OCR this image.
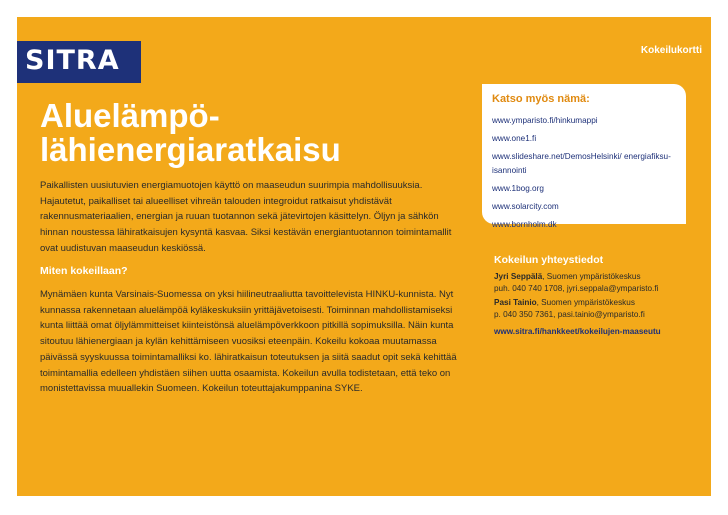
SITRA	Kokeilukortti
Aluelämpö-
lähienergiaratkaisu
Paikallisten uusiutuvien energiamuotojen käyttö on maaseudun suurimpia mahdollisuuksia. Hajautetut, paikalliset tai alueelliset vihreän talouden integroidut ratkaisut yhdistävät rakennusmateriaalien, energian ja ruuan tuotannon sekä jätevirtojen käsittelyn. Öljyn ja sähkön hinnan noustessa lähiratkaisujen kysyntä kasvaa. Siksi kestävän energiantuotannon toimintamallit ovat uudistuvan maaseudun keskiössä.
Miten kokeillaan?
Mynämäen kunta Varsinais-Suomessa on yksi hiilineutraaliutta tavoittelevista HINKU-kunnista. Nyt kunnassa rakennetaan aluelämpöä kyläkeskuksiin yrittäjävetoisesti. Toiminnan mahdollistamiseksi kunta liittää omat öljylämmitteiset kiinteistönsä aluelämpöverkkoon pitkillä sopimuksilla. Näin kunta sitoutuu lähienergiaan ja kylän kehittämiseen vuosiksi eteenpäin. Kokeilu kokoaa muutamassa päivässä syyskuussa toimintamalliksi ko. lähiratkaisun toteutuksen ja siitä saadut opit sekä kehittää toimintamallia edelleen yhdistäen siihen uutta osaamista. Kokeilun avulla todistetaan, että teko on monistettavissa muuallekin Suomeen. Kokeilun toteuttajakumppanina SYKE.
Katso myös nämä:
www.ymparisto.fi/hinkumappi
www.one1.fi
www.slideshare.net/DemosHelsinki/ energiafiksu-isannointi
www.1bog.org
www.solarcity.com
www.bornholm.dk
Kokeilun yhteystiedot
Jyri Seppälä, Suomen ympäristökeskus
puh. 040 740 1708, jyri.seppala@ymparisto.fi
Pasi Tainio, Suomen ympäristökeskus
p. 040 350 7361, pasi.tainio@ymparisto.fi
www.sitra.fi/hankkeet/kokeilujen-maaseutu
